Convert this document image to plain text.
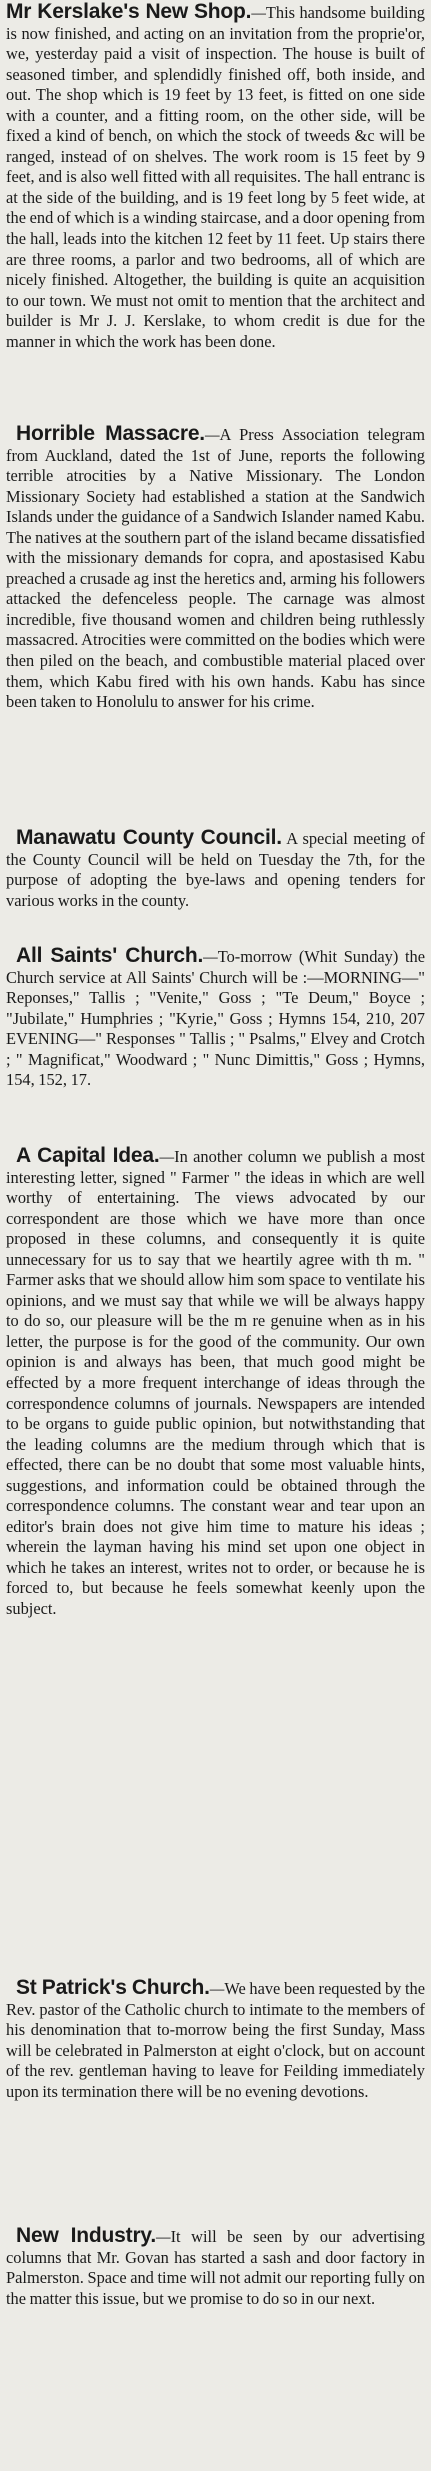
Mr Kerslake's New Shop.—This handsome building is now finished, and acting on an invitation from the proprie'or, we, yesterday paid a visit of inspection. The house is built of seasoned timber, and splendidly finished off, both inside, and out. The shop which is 19 feet by 13 feet, is fitted on one side with a counter, and a fitting room, on the other side, will be fixed a kind of bench, on which the stock of tweeds &c will be ranged, instead of on shelves. The work room is 15 feet by 9 feet, and is also well fitted with all requisites. The hall entranc is at the side of the building, and is 19 feet long by 5 feet wide, at the end of which is a winding staircase, and a door opening from the hall, leads into the kitchen 12 feet by 11 feet. Up stairs there are three rooms, a parlor and two bedrooms, all of which are nicely finished. Altogether, the building is quite an acquisition to our town. We must not omit to mention that the architect and builder is Mr J. J. Kerslake, to whom credit is due for the manner in which the work has been done.

Horrible Massacre.—A Press Association telegram from Auckland, dated the 1st of June, reports the following terrible atrocities by a Native Missionary. The London Missionary Society had established a station at the Sandwich Islands under the guidance of a Sandwich Islander named Kabu. The natives at the southern part of the island became dissatisfied with the missionary demands for copra, and apostasised Kabu preached a crusade ag inst the heretics and, arming his followers attacked the defenceless people. The carnage was almost incredible, five thousand women and children being ruthlessly massacred. Atrocities were committed on the bodies which were then piled on the beach, and combustible material placed over them, which Kabu fired with his own hands. Kabu has since been taken to Honolulu to answer for his crime.

Manawatu County Council. A special meeting of the County Council will be held on Tuesday the 7th, for the purpose of adopting the bye-laws and opening tenders for various works in the county.

All Saints' Church.—To-morrow (Whit Sunday) the Church service at All Saints' Church will be :—MORNING—" Reponses," Tallis ; "Venite," Goss ; "Te Deum," Boyce ; "Jubilate," Humphries ; "Kyrie," Goss ; Hymns 154, 210, 207 EVENING—" Responses " Tallis ; " Psalms," Elvey and Crotch ; " Magnificat," Woodward ; " Nunc Dimittis," Goss ; Hymns, 154, 152, 17.

A Capital Idea.—In another column we publish a most interesting letter, signed " Farmer " the ideas in which are well worthy of entertaining. The views advocated by our correspondent are those which we have more than once proposed in these columns, and consequently it is quite unnecessary for us to say that we heartily agree with th m. " Farmer asks that we should allow him som space to ventilate his opinions, and we must say that while we will be always happy to do so, our pleasure will be the m re genuine when as in his letter, the purpose is for the good of the community. Our own opinion is and always has been, that much good might be effected by a more frequent interchange of ideas through the correspondence columns of journals. Newspapers are intended to be organs to guide public opinion, but notwithstanding that the leading columns are the medium through which that is effected, there can be no doubt that some most valuable hints, suggestions, and information could be obtained through the correspondence columns. The constant wear and tear upon an editor's brain does not give him time to mature his ideas ; wherein the layman having his mind set upon one object in which he takes an interest, writes not to order, or because he is forced to, but because he feels somewhat keenly upon the subject.

St Patrick's Church.—We have been requested by the Rev. pastor of the Catholic church to intimate to the members of his denomination that to-morrow being the first Sunday, Mass will be celebrated in Palmerston at eight o'clock, but on account of the rev. gentleman having to leave for Feilding immediately upon its termination there will be no evening devotions.

New Industry.—It will be seen by our advertising columns that Mr. Govan has started a sash and door factory in Palmerston. Space and time will not admit our reporting fully on the matter this issue, but we promise to do so in our next.
